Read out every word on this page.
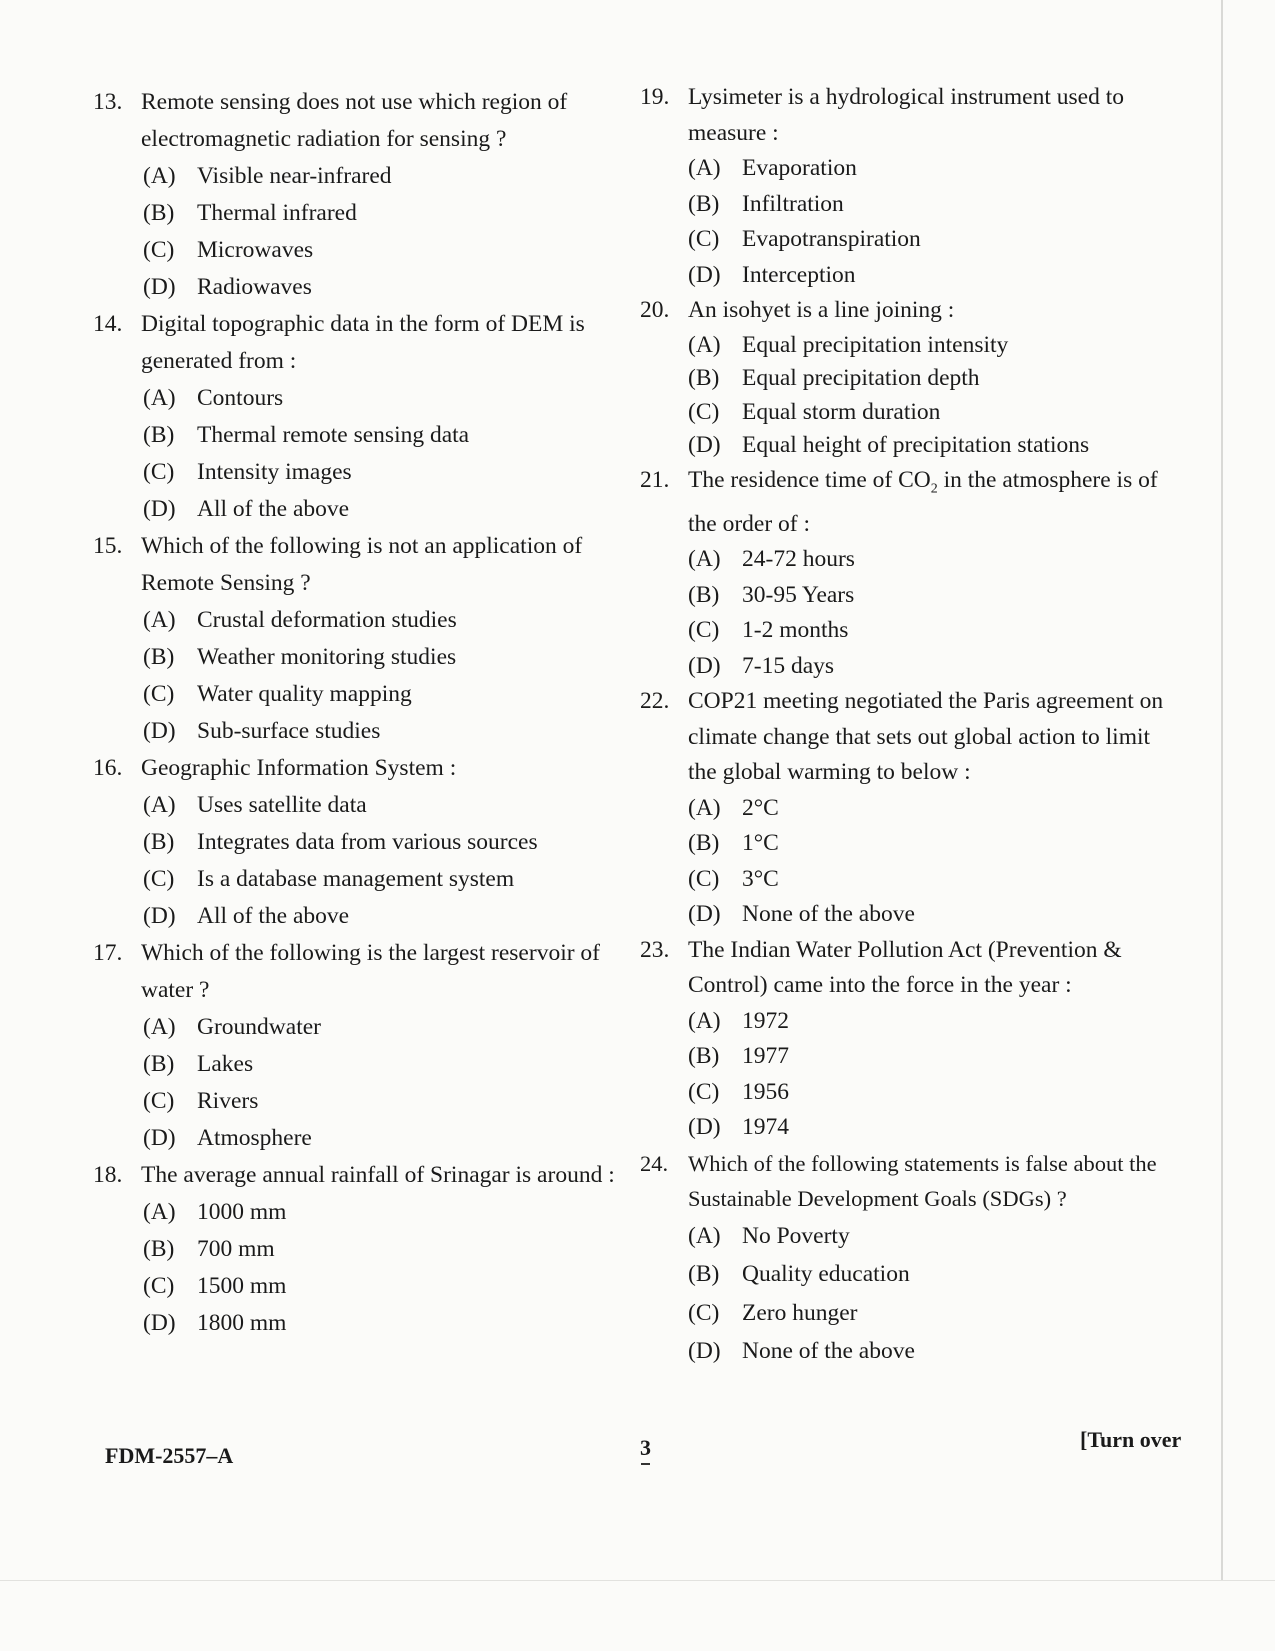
13. Remote sensing does not use which region of electromagnetic radiation for sensing ?
(A) Visible near-infrared
(B) Thermal infrared
(C) Microwaves
(D) Radiowaves
14. Digital topographic data in the form of DEM is generated from :
(A) Contours
(B) Thermal remote sensing data
(C) Intensity images
(D) All of the above
15. Which of the following is not an application of Remote Sensing ?
(A) Crustal deformation studies
(B) Weather monitoring studies
(C) Water quality mapping
(D) Sub-surface studies
16. Geographic Information System :
(A) Uses satellite data
(B) Integrates data from various sources
(C) Is a database management system
(D) All of the above
17. Which of the following is the largest reservoir of water ?
(A) Groundwater
(B) Lakes
(C) Rivers
(D) Atmosphere
18. The average annual rainfall of Srinagar is around :
(A) 1000 mm
(B) 700 mm
(C) 1500 mm
(D) 1800 mm
19. Lysimeter is a hydrological instrument used to measure :
(A) Evaporation
(B) Infiltration
(C) Evapotranspiration
(D) Interception
20. An isohyet is a line joining :
(A) Equal precipitation intensity
(B) Equal precipitation depth
(C) Equal storm duration
(D) Equal height of precipitation stations
21. The residence time of $CO_2$ in the atmosphere is of the order of :
(A) 24-72 hours
(B) 30-95 Years
(C) 1-2 months
(D) 7-15 days
22. COP21 meeting negotiated the Paris agreement on climate change that sets out global action to limit the global warming to below :
(A) 2°C
(B) 1°C
(C) 3°C
(D) None of the above
23. The Indian Water Pollution Act (Prevention & Control) came into the force in the year :
(A) 1972
(B) 1977
(C) 1956
(D) 1974
24. Which of the following statements is false about the Sustainable Development Goals (SDGs) ?
(A) No Poverty
(B) Quality education
(C) Zero hunger
(D) None of the above
FDM-2557–A	3	[Turn over
